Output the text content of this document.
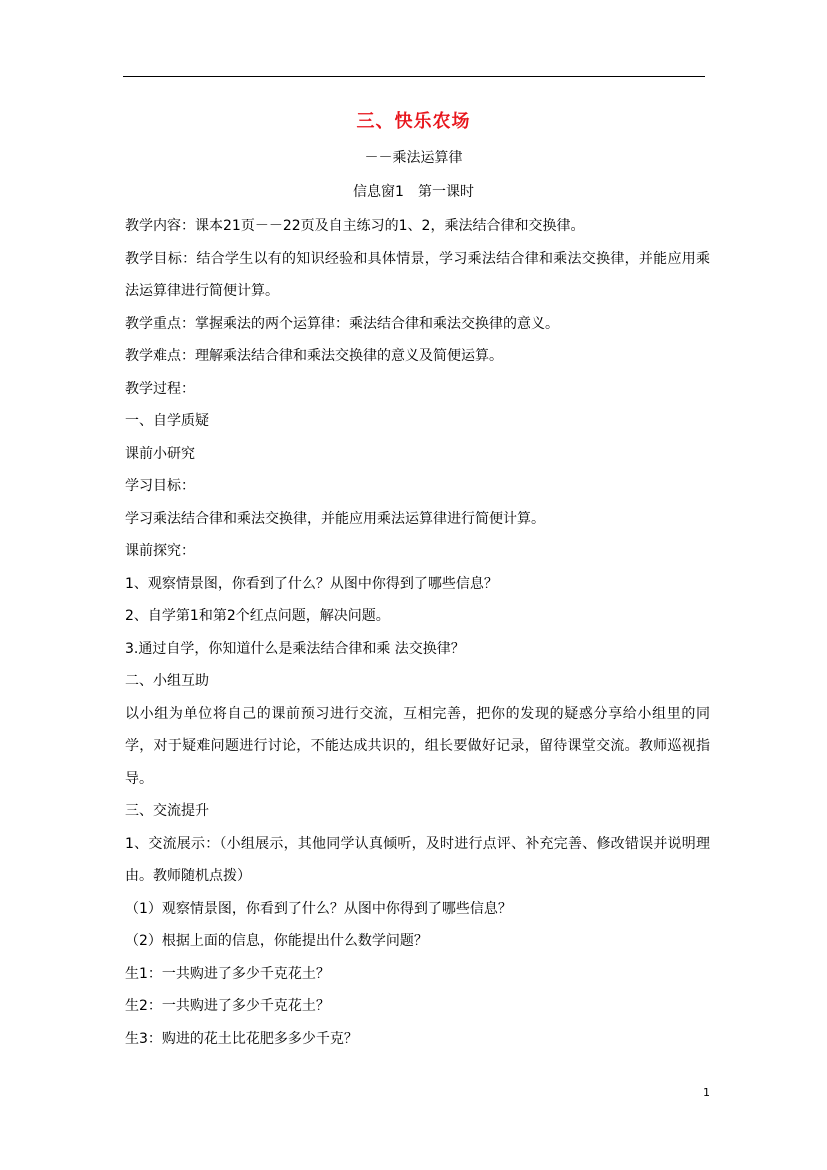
三、快乐农场
－－乘法运算律
信息窗1　第一课时

教学内容：课本21页－－22页及自主练习的1、2，乘法结合律和交换律。

教学目标：结合学生以有的知识经验和具体情景，学习乘法结合律和乘法交换律，并能应用乘法运算律进行简便计算。

教学重点：掌握乘法的两个运算律：乘法结合律和乘法交换律的意义。

教学难点：理解乘法结合律和乘法交换律的意义及简便运算。

教学过程：

一、自学质疑

课前小研究

学习目标：

学习乘法结合律和乘法交换律，并能应用乘法运算律进行简便计算。

课前探究：

1、观察情景图，你看到了什么？从图中你得到了哪些信息？

2、自学第1和第2个红点问题，解决问题。

3.通过自学，你知道什么是乘法结合律和乘 法交换律？

二、小组互助

以小组为单位将自己的课前预习进行交流，互相完善，把你的发现的疑惑分享给小组里的同学，对于疑难问题进行讨论，不能达成共识的，组长要做好记录，留待课堂交流。教师巡视指导。

三、交流提升

1、交流展示：（小组展示，其他同学认真倾听，及时进行点评、补充完善、修改错误并说明理由。教师随机点拨）

（1）观察情景图，你看到了什么？从图中你得到了哪些信息？

（2）根据上面的信息，你能提出什么数学问题？

生1：一共购进了多少千克花土？

生2：一共购进了多少千克花土？

生3：购进的花土比花肥多多少千克？

1
